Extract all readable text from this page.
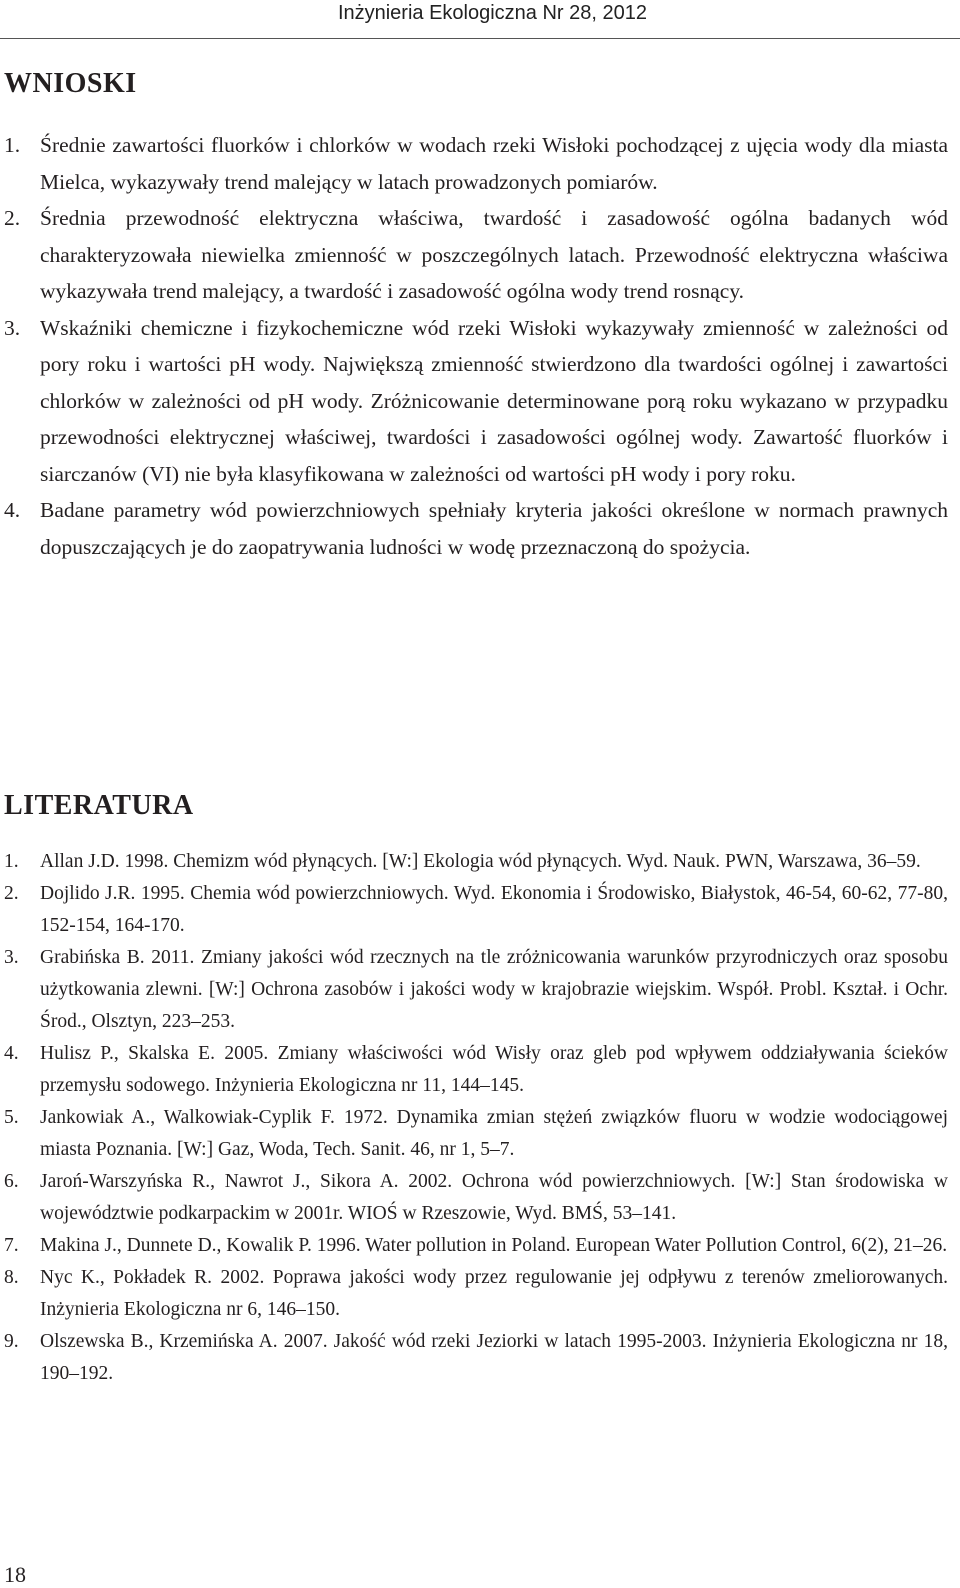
Inżynieria Ekologiczna Nr 28, 2012
WNIOSKI
1. Średnie zawartości fluorków i chlorków w wodach rzeki Wisłoki pochodzącej z ujęcia wody dla miasta Mielca, wykazywały trend malejący w latach prowadzonych pomiarów.
2. Średnia przewodność elektryczna właściwa, twardość i zasadowość ogólna badanych wód charakteryzowała niewielka zmienność w poszczególnych latach. Przewodność elektryczna właściwa wykazywała trend malejący, a twardość i zasadowość ogólna wody trend rosnący.
3. Wskaźniki chemiczne i fizykochemiczne wód rzeki Wisłoki wykazywały zmienność w zależności od pory roku i wartości pH wody. Największą zmienność stwierdzono dla twardości ogólnej i zawartości chlorków w zależności od pH wody. Zróżnicowanie determinowane porą roku wykazano w przypadku przewodności elektrycznej właściwej, twardości i zasadowości ogólnej wody. Zawartość fluorków i siarczanów (VI) nie była klasyfikowana w zależności od wartości pH wody i pory roku.
4. Badane parametry wód powierzchniowych spełniały kryteria jakości określone w normach prawnych dopuszczających je do zaopatrywania ludności w wodę przeznaczoną do spożycia.
LITERATURA
1. Allan J.D. 1998. Chemizm wód płynących. [W:] Ekologia wód płynących. Wyd. Nauk. PWN, Warszawa, 36–59.
2. Dojlido J.R. 1995. Chemia wód powierzchniowych. Wyd. Ekonomia i Środowisko, Białystok, 46-54, 60-62, 77-80, 152-154, 164-170.
3. Grabińska B. 2011. Zmiany jakości wód rzecznych na tle zróżnicowania warunków przyrodniczych oraz sposobu użytkowania zlewni. [W:] Ochrona zasobów i jakości wody w krajobrazie wiejskim. Współ. Probl. Kształ. i Ochr. Środ., Olsztyn, 223–253.
4. Hulisz P., Skalska E. 2005. Zmiany właściwości wód Wisły oraz gleb pod wpływem oddziaływania ścieków przemysłu sodowego. Inżynieria Ekologiczna nr 11, 144–145.
5. Jankowiak A., Walkowiak-Cyplik F. 1972. Dynamika zmian stężeń związków fluoru w wodzie wodociągowej miasta Poznania. [W:] Gaz, Woda, Tech. Sanit. 46, nr 1, 5–7.
6. Jaroń-Warszyńska R., Nawrot J., Sikora A. 2002. Ochrona wód powierzchniowych. [W:] Stan środowiska w województwie podkarpackim w 2001r. WIOŚ w Rzeszowie, Wyd. BMŚ, 53–141.
7. Makina J., Dunnete D., Kowalik P. 1996. Water pollution in Poland. European Water Pollution Control, 6(2), 21–26.
8. Nyc K., Pokładek R. 2002. Poprawa jakości wody przez regulowanie jej odpływu z terenów zmeliorowanych. Inżynieria Ekologiczna nr 6, 146–150.
9. Olszewska B., Krzemińska A. 2007. Jakość wód rzeki Jeziorki w latach 1995-2003. Inżynieria Ekologiczna nr 18, 190–192.
18
